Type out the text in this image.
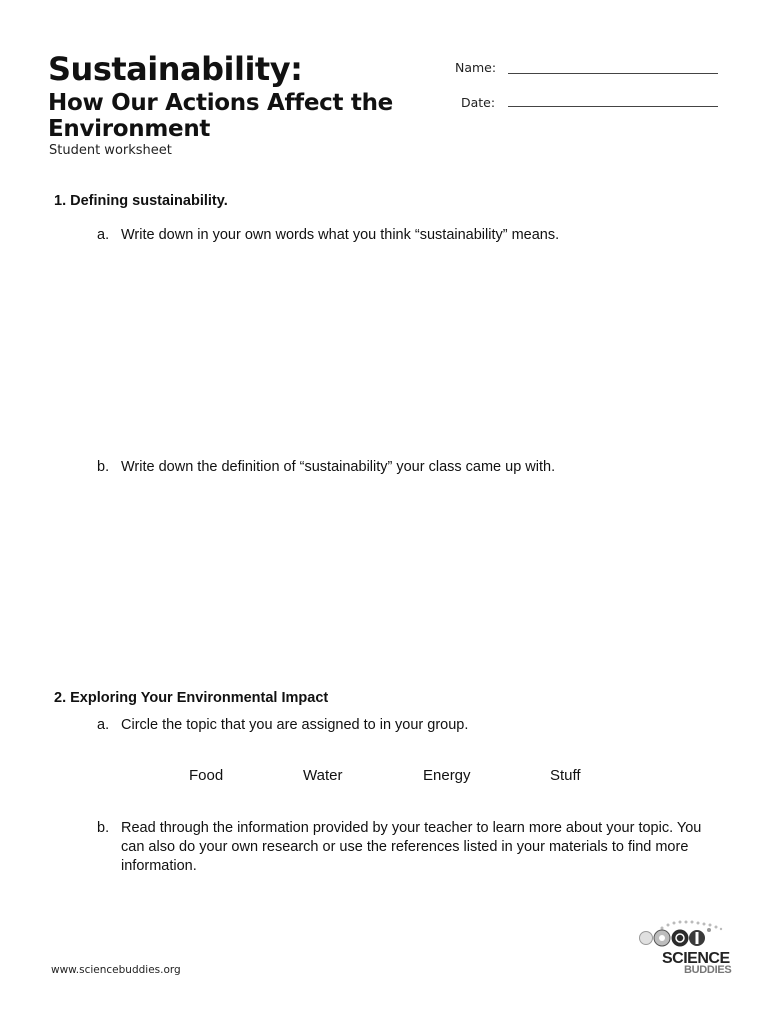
Sustainability:
How Our Actions Affect the Environment
Student worksheet
Name:
Date:
1. Defining sustainability.
a. Write down in your own words what you think “sustainability” means.
b. Write down the definition of “sustainability” your class came up with.
2. Exploring Your Environmental Impact
a. Circle the topic that you are assigned to in your group.
Food	Water	Energy	Stuff
b. Read through the information provided by your teacher to learn more about your topic. You can also do your own research or use the references listed in your materials to find more information.
www.sciencebuddies.org
SCIENCE
BUDDIES
